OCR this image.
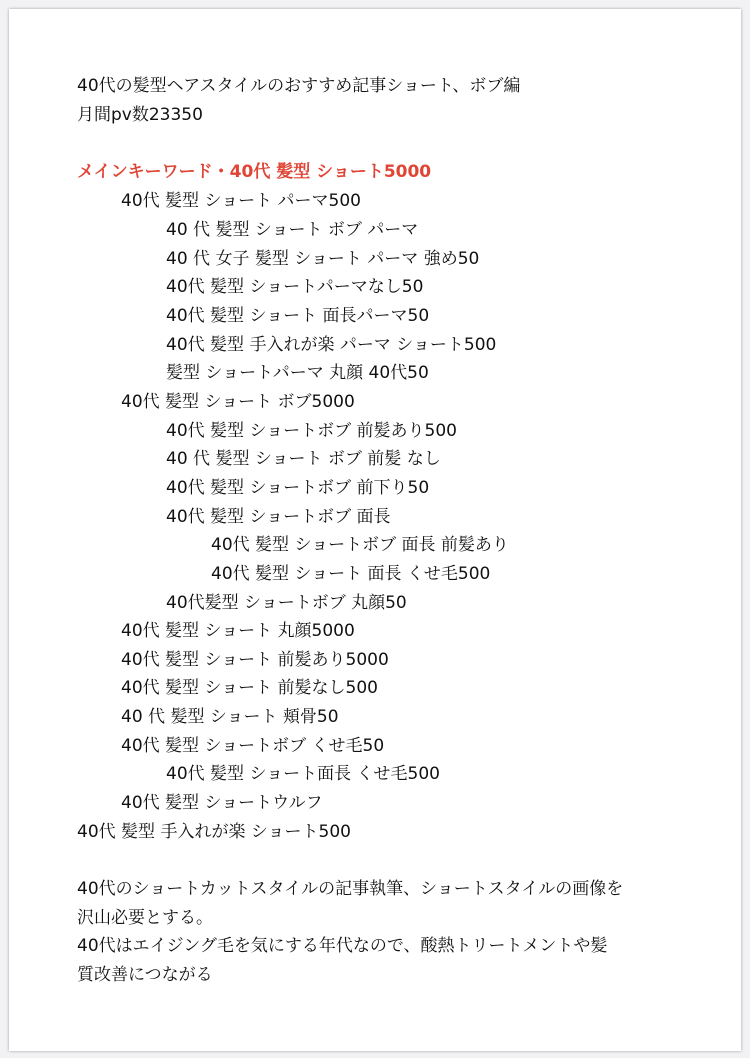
40代の髪型ヘアスタイルのおすすめ記事ショート、ボブ編
月間pv数23350
メインキーワード・40代 髪型 ショート5000
40代 髪型 ショート パーマ500
40 代 髪型 ショート ボブ パーマ
40 代 女子 髪型 ショート パーマ 強め50
40代 髪型 ショートパーマなし50
40代 髪型 ショート 面長パーマ50
40代 髪型 手入れが楽 パーマ ショート500
髪型 ショートパーマ 丸顔 40代50
40代 髪型 ショート ボブ5000
40代 髪型 ショートボブ 前髪あり500
40 代 髪型 ショート ボブ 前髪 なし
40代 髪型 ショートボブ 前下り50
40代 髪型 ショートボブ 面長
40代 髪型 ショートボブ 面長 前髪あり
40代 髪型 ショート 面長 くせ毛500
40代髪型 ショートボブ 丸顔50
40代 髪型 ショート 丸顔5000
40代 髪型 ショート 前髪あり5000
40代 髪型 ショート 前髪なし500
40 代 髪型 ショート 頬骨50
40代 髪型 ショートボブ くせ毛50
40代 髪型 ショート面長 くせ毛500
40代 髪型 ショートウルフ
40代 髪型 手入れが楽 ショート500
40代のショートカットスタイルの記事執筆、ショートスタイルの画像を
沢山必要とする。
40代はエイジング毛を気にする年代なので、酸熱トリートメントや髪
質改善につながる
